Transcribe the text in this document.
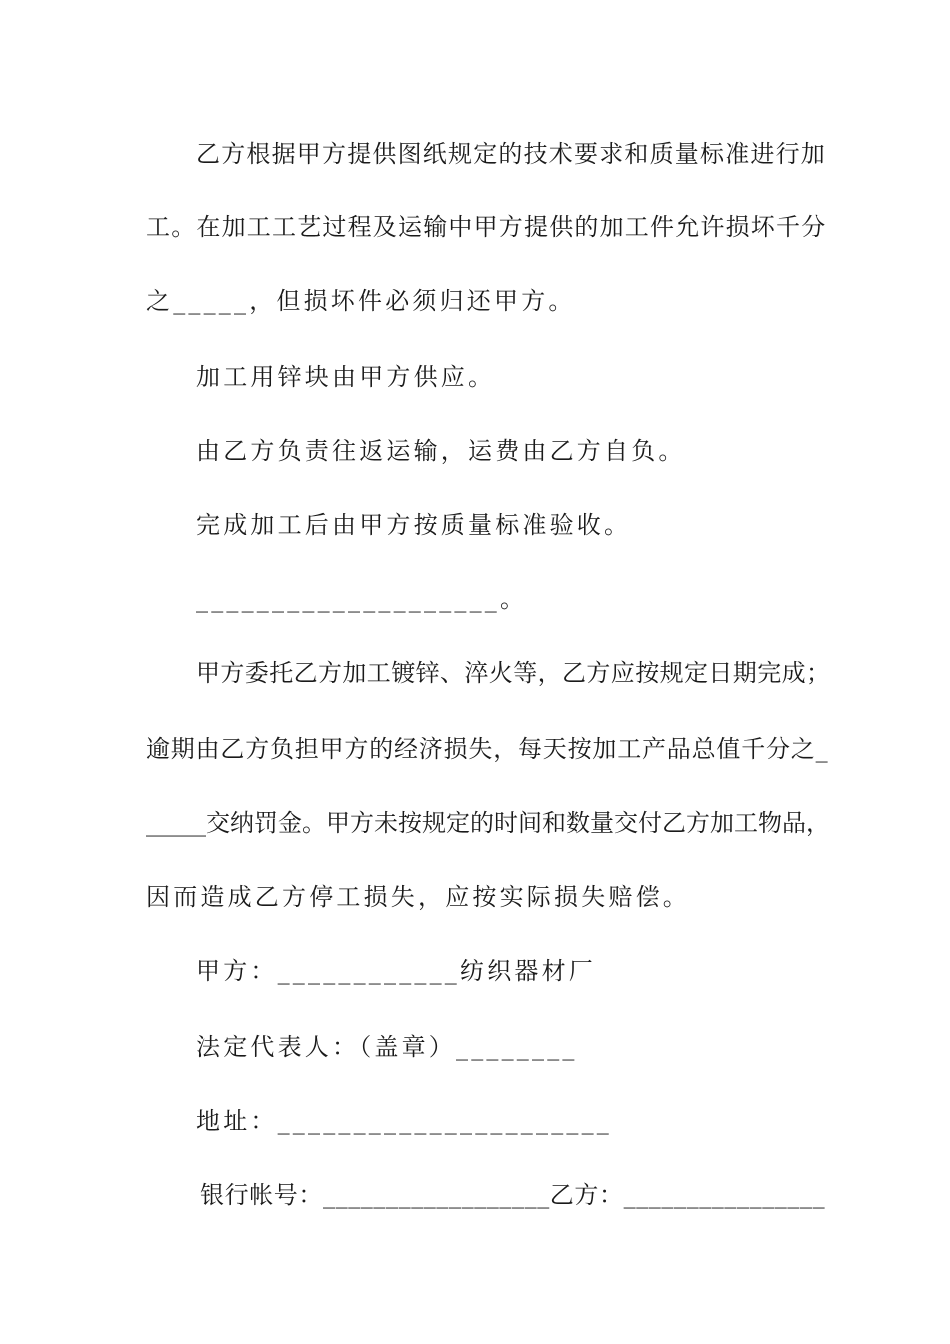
乙方根据甲方提供图纸规定的技术要求和质量标准进行加
工。在加工工艺过程及运输中甲方提供的加工件允许损坏千分
之_____，但损坏件必须归还甲方。
加工用锌块由甲方供应。
由乙方负责往返运输，运费由乙方自负。
完成加工后由甲方按质量标准验收。
____________________。
甲方委托乙方加工镀锌、淬火等，乙方应按规定日期完成；
逾期由乙方负担甲方的经济损失，每天按加工产品总值千分之_
_____交纳罚金。甲方未按规定的时间和数量交付乙方加工物品，
因而造成乙方停工损失，应按实际损失赔偿。
甲方：____________纺织器材厂
法定代表人：（盖章）________
地址：______________________
银行帐号：__________________乙方：________________
